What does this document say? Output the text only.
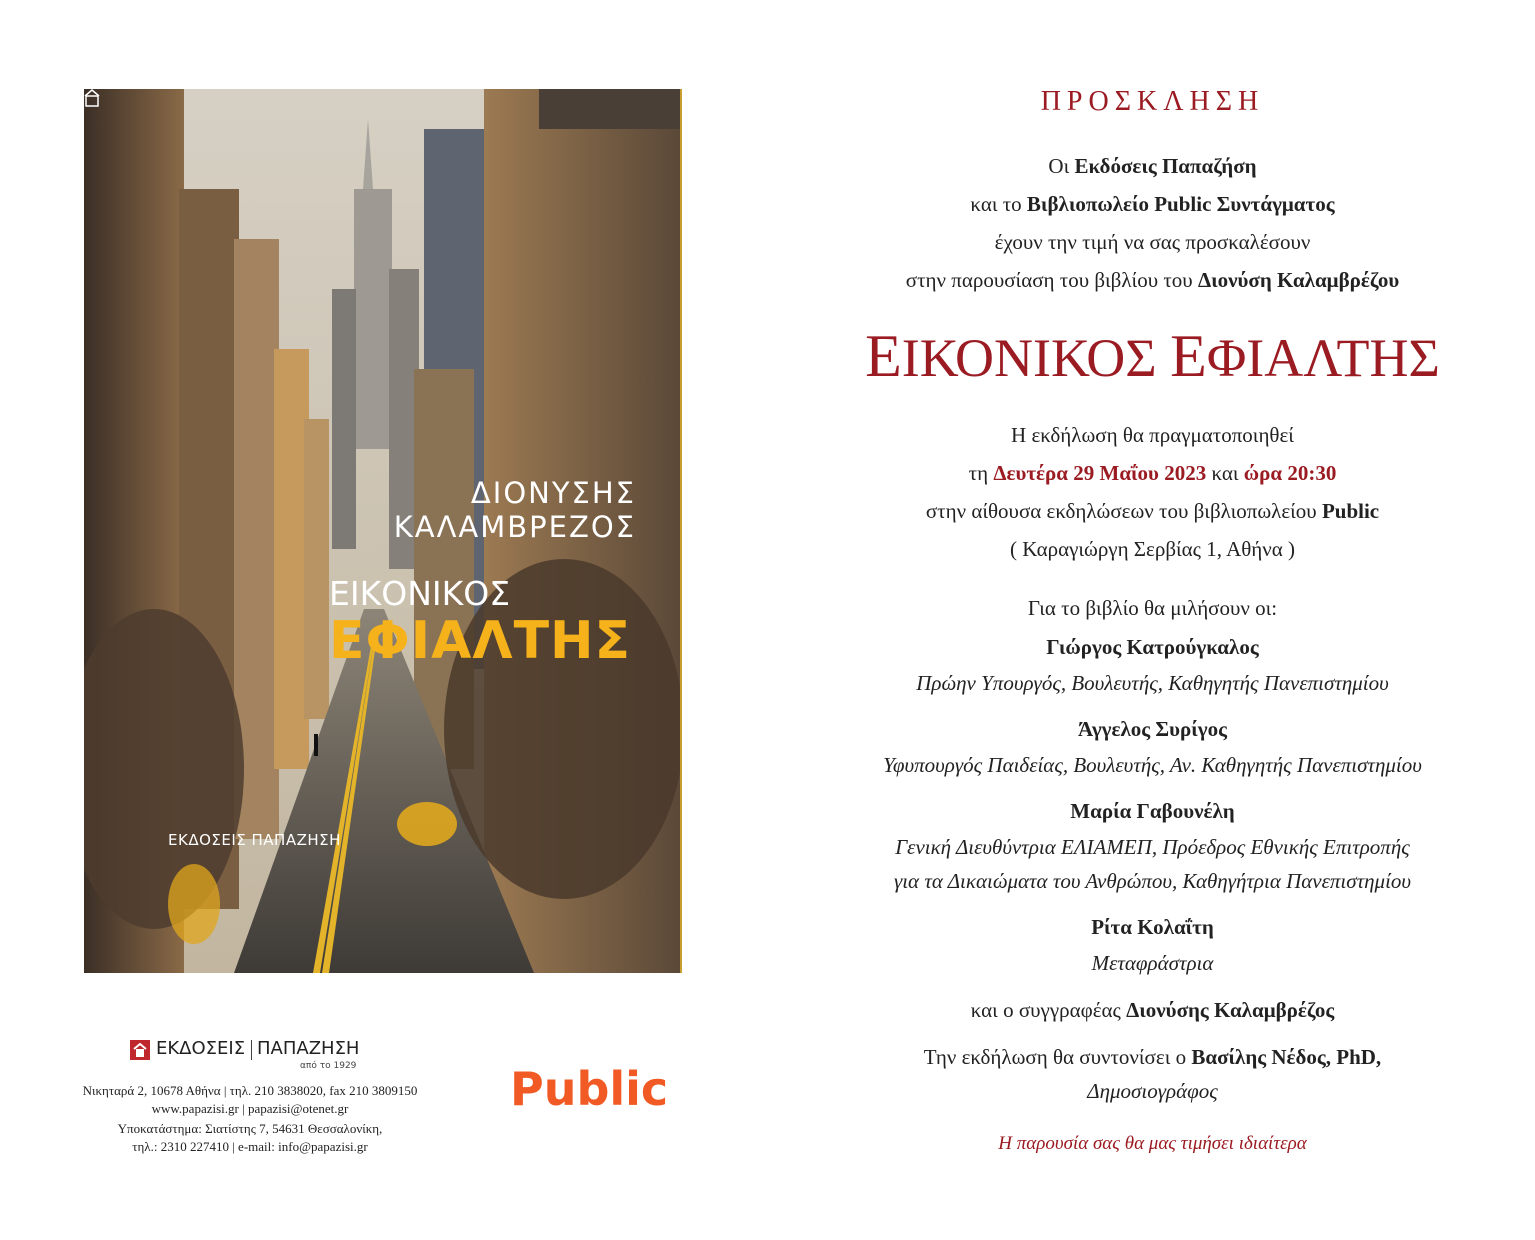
ΔΙΟΝΥΣΗΣ
ΚΑΛΑΜΒΡΕΖΟΣ
ΕΙΚΟΝΙΚΟΣ
ΕΦΙΑΛΤΗΣ
ΕΚΔΟΣΕΙΣ ΠΑΠΑΖΗΣΗ
ΕΚΔΟΣΕΙΣ ΠΑΠΑΖΗΣΗ
από το 1929
Νικηταρά 2, 10678 Αθήνα | τηλ. 210 3838020, fax 210 3809150
www.papazisi.gr | papazisi@otenet.gr
Υποκατάστημα: Σιατίστης 7, 54631 Θεσσαλονίκη,
τηλ.: 2310 227410 | e-mail: info@papazisi.gr
Public
ΠΡΟΣΚΛΗΣΗ
Οι Εκδόσεις Παπαζήση
και το Βιβλιοπωλείο Public Συντάγματος
έχουν την τιμή να σας προσκαλέσουν
στην παρουσίαση του βιβλίου του Διονύση Καλαμβρέζου
ΕΙΚΟΝΙΚΟΣ ΕΦΙΑΛΤΗΣ
Η εκδήλωση θα πραγματοποιηθεί
τη Δευτέρα 29 Μαΐου 2023 και ώρα 20:30
στην αίθουσα εκδηλώσεων του βιβλιοπωλείου Public
( Καραγιώργη Σερβίας 1, Αθήνα )
Για το βιβλίο θα μιλήσουν οι:
Γιώργος Κατρούγκαλος
Πρώην Υπουργός, Βουλευτής, Καθηγητής Πανεπιστημίου
Άγγελος Συρίγος
Υφυπουργός Παιδείας, Βουλευτής, Αν. Καθηγητής Πανεπιστημίου
Μαρία Γαβουνέλη
Γενική Διευθύντρια ΕΛΙΑΜΕΠ, Πρόεδρος Εθνικής Επιτροπής
για τα Δικαιώματα του Ανθρώπου, Καθηγήτρια Πανεπιστημίου
Ρίτα Κολαΐτη
Μεταφράστρια
και ο συγγραφέας Διονύσης Καλαμβρέζος
Την εκδήλωση θα συντονίσει ο Βασίλης Νέδος, PhD,
Δημοσιογράφος
Η παρουσία σας θα μας τιμήσει ιδιαίτερα
